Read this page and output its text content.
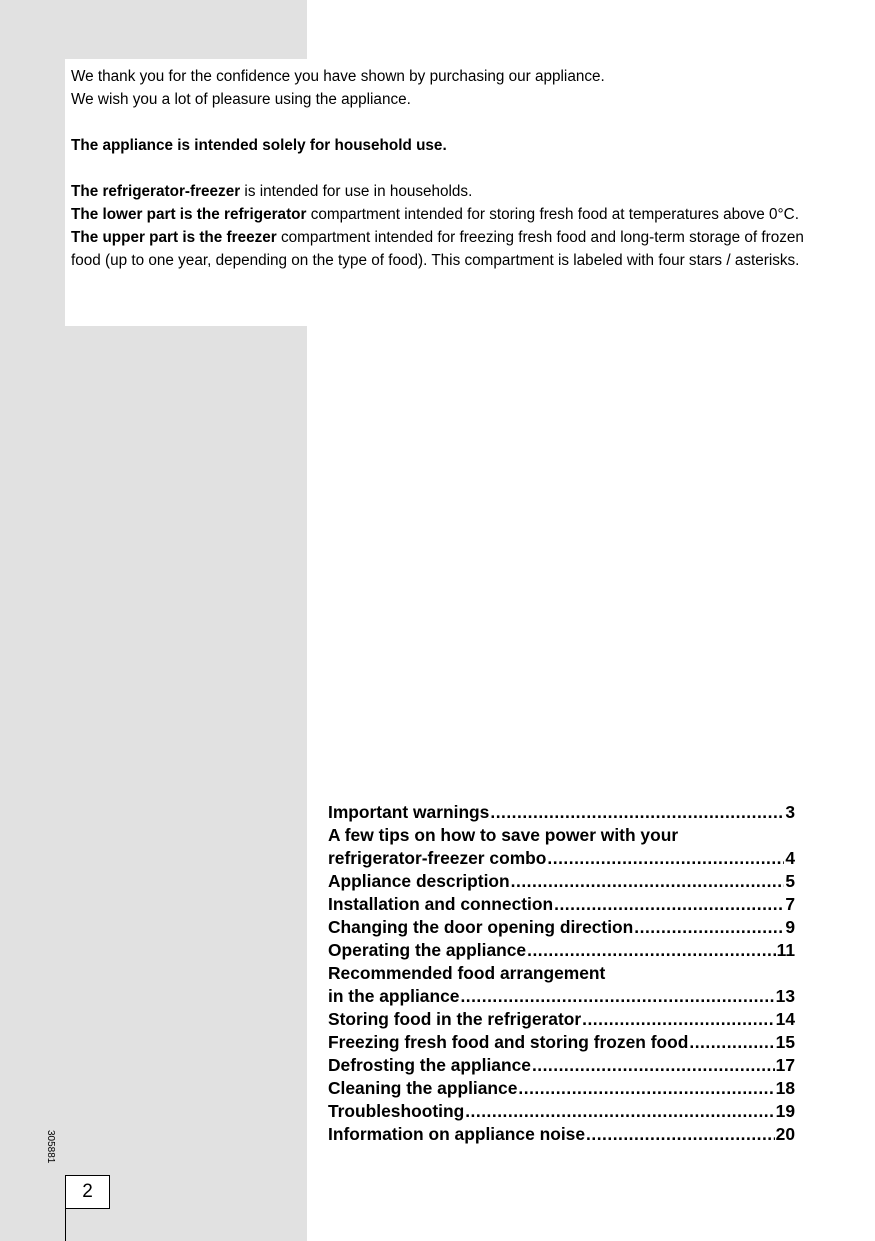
We thank you for the confidence you have shown by purchasing our appliance.

We wish you a lot of pleasure using the appliance.

The appliance is intended solely for household use.

The refrigerator-freezer is intended for use in households.

The lower part is the refrigerator compartment intended for storing fresh food at temperatures above 0°C.

The upper part is the freezer compartment intended for freezing fresh food and long-term storage of frozen food (up to one year, depending on the type of food). This compartment is labeled with four stars / asterisks.

Important warnings .....	3
A few tips on how to save power with your
refrigerator-freezer combo .....	4
Appliance description .....	5
Installation and connection .....	7
Changing the door opening direction .....	9
Operating the appliance .....	11
Recommended food arrangement
in the appliance .....	13
Storing food in the refrigerator .....	14
Freezing fresh food and storing frozen food .....	15
Defrosting the appliance .....	17
Cleaning the appliance .....	18
Troubleshooting .....	19
Information on appliance noise .....	20
305881
2
